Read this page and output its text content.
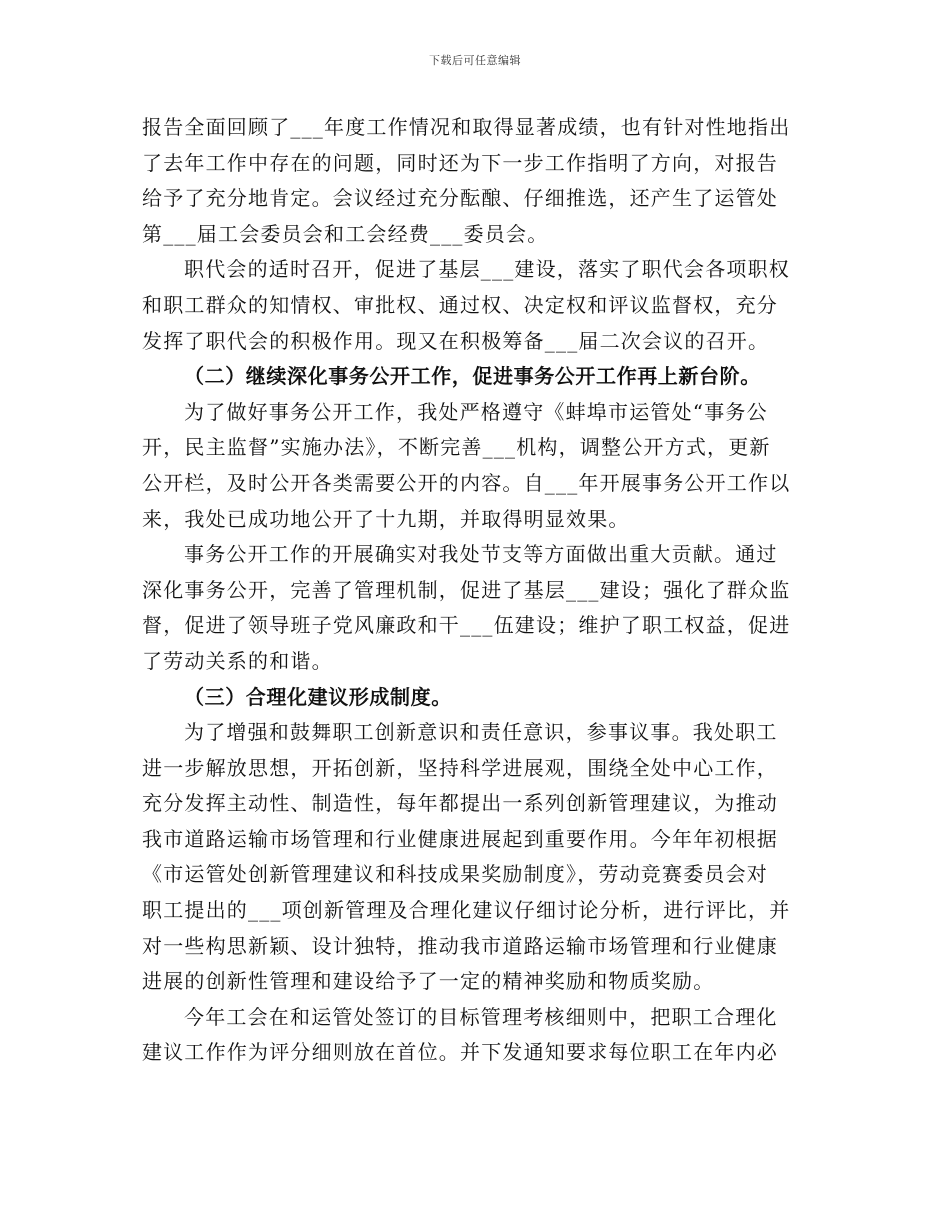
下载后可任意编辑

报告全面回顾了___年度工作情况和取得显著成绩，也有针对性地指出
了去年工作中存在的问题，同时还为下一步工作指明了方向，对报告
给予了充分地肯定。会议经过充分酝酿、仔细推选，还产生了运管处
第___届工会委员会和工会经费___委员会。

职代会的适时召开，促进了基层___建设，落实了职代会各项职权
和职工群众的知情权、审批权、通过权、决定权和评议监督权，充分
发挥了职代会的积极作用。现又在积极筹备___届二次会议的召开。

（二）继续深化事务公开工作，促进事务公开工作再上新台阶。

为了做好事务公开工作，我处严格遵守《蚌埠市运管处“事务公
开，民主监督”实施办法》，不断完善___机构，调整公开方式，更新
公开栏，及时公开各类需要公开的内容。自___年开展事务公开工作以
来，我处已成功地公开了十九期，并取得明显效果。

事务公开工作的开展确实对我处节支等方面做出重大贡献。通过
深化事务公开，完善了管理机制，促进了基层___建设；强化了群众监
督，促进了领导班子党风廉政和干___伍建设；维护了职工权益，促进
了劳动关系的和谐。

（三）合理化建议形成制度。

为了增强和鼓舞职工创新意识和责任意识，参事议事。我处职工
进一步解放思想，开拓创新，坚持科学进展观，围绕全处中心工作，
充分发挥主动性、制造性，每年都提出一系列创新管理建议，为推动
我市道路运输市场管理和行业健康进展起到重要作用。今年年初根据
《市运管处创新管理建议和科技成果奖励制度》，劳动竞赛委员会对
职工提出的___项创新管理及合理化建议仔细讨论分析，进行评比，并
对一些构思新颖、设计独特，推动我市道路运输市场管理和行业健康
进展的创新性管理和建设给予了一定的精神奖励和物质奖励。

今年工会在和运管处签订的目标管理考核细则中，把职工合理化
建议工作作为评分细则放在首位。并下发通知要求每位职工在年内必
